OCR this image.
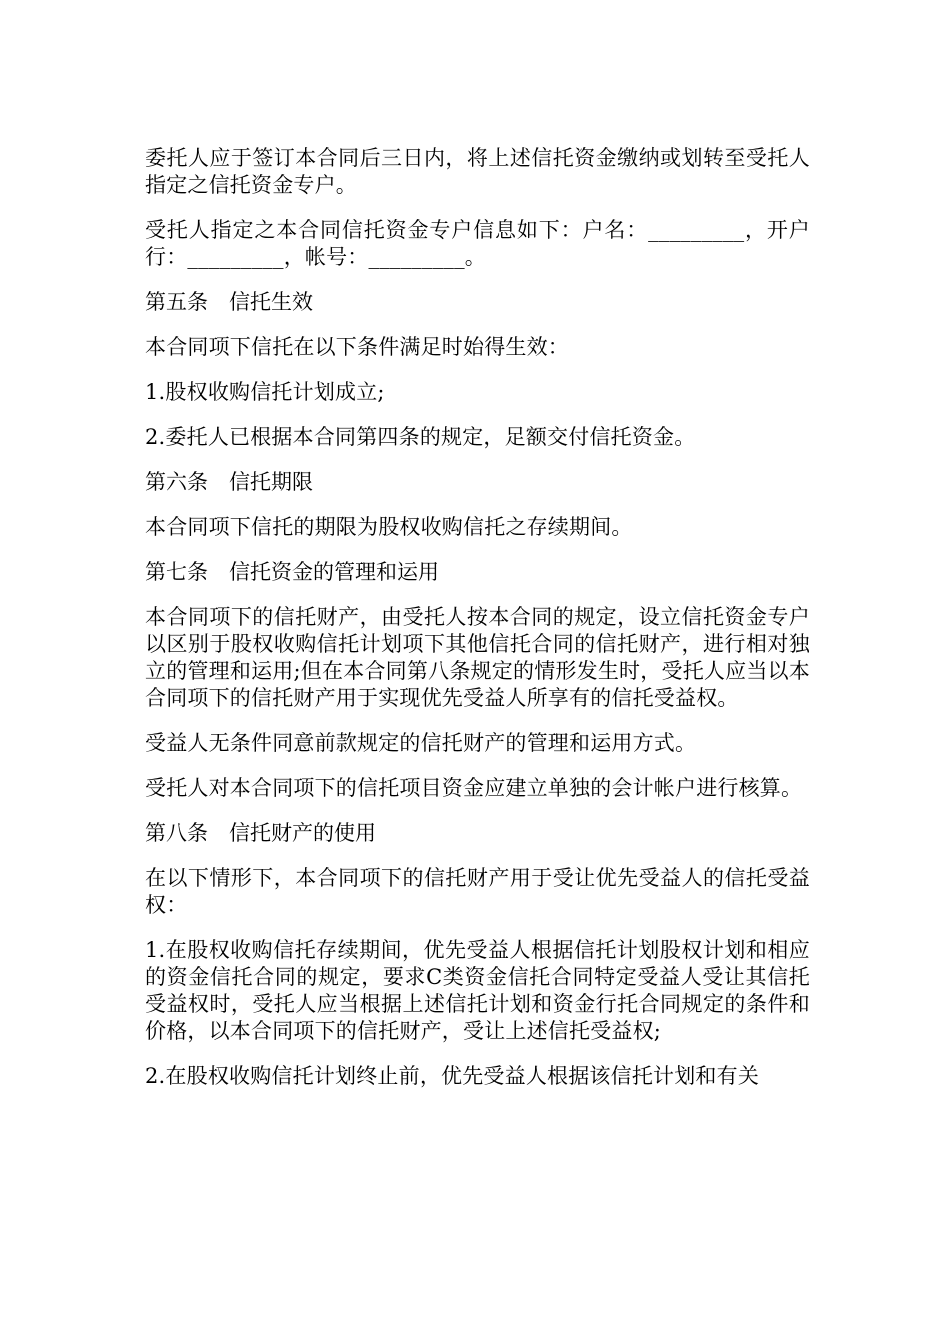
委托人应于签订本合同后三日内，将上述信托资金缴纳或划转至受托人指定之信托资金专户。

受托人指定之本合同信托资金专户信息如下：户名：_________，开户行：_________，帐号：_________。

第五条　信托生效

本合同项下信托在以下条件满足时始得生效：

1.股权收购信托计划成立;

2.委托人已根据本合同第四条的规定，足额交付信托资金。

第六条　信托期限

本合同项下信托的期限为股权收购信托之存续期间。

第七条　信托资金的管理和运用

本合同项下的信托财产，由受托人按本合同的规定，设立信托资金专户以区别于股权收购信托计划项下其他信托合同的信托财产，进行相对独立的管理和运用;但在本合同第八条规定的情形发生时，受托人应当以本合同项下的信托财产用于实现优先受益人所享有的信托受益权。

受益人无条件同意前款规定的信托财产的管理和运用方式。

受托人对本合同项下的信托项目资金应建立单独的会计帐户进行核算。

第八条　信托财产的使用

在以下情形下，本合同项下的信托财产用于受让优先受益人的信托受益权：

1.在股权收购信托存续期间，优先受益人根据信托计划股权计划和相应的资金信托合同的规定，要求C类资金信托合同特定受益人受让其信托受益权时，受托人应当根据上述信托计划和资金行托合同规定的条件和价格，以本合同项下的信托财产，受让上述信托受益权;

2.在股权收购信托计划终止前，优先受益人根据该信托计划和有关
